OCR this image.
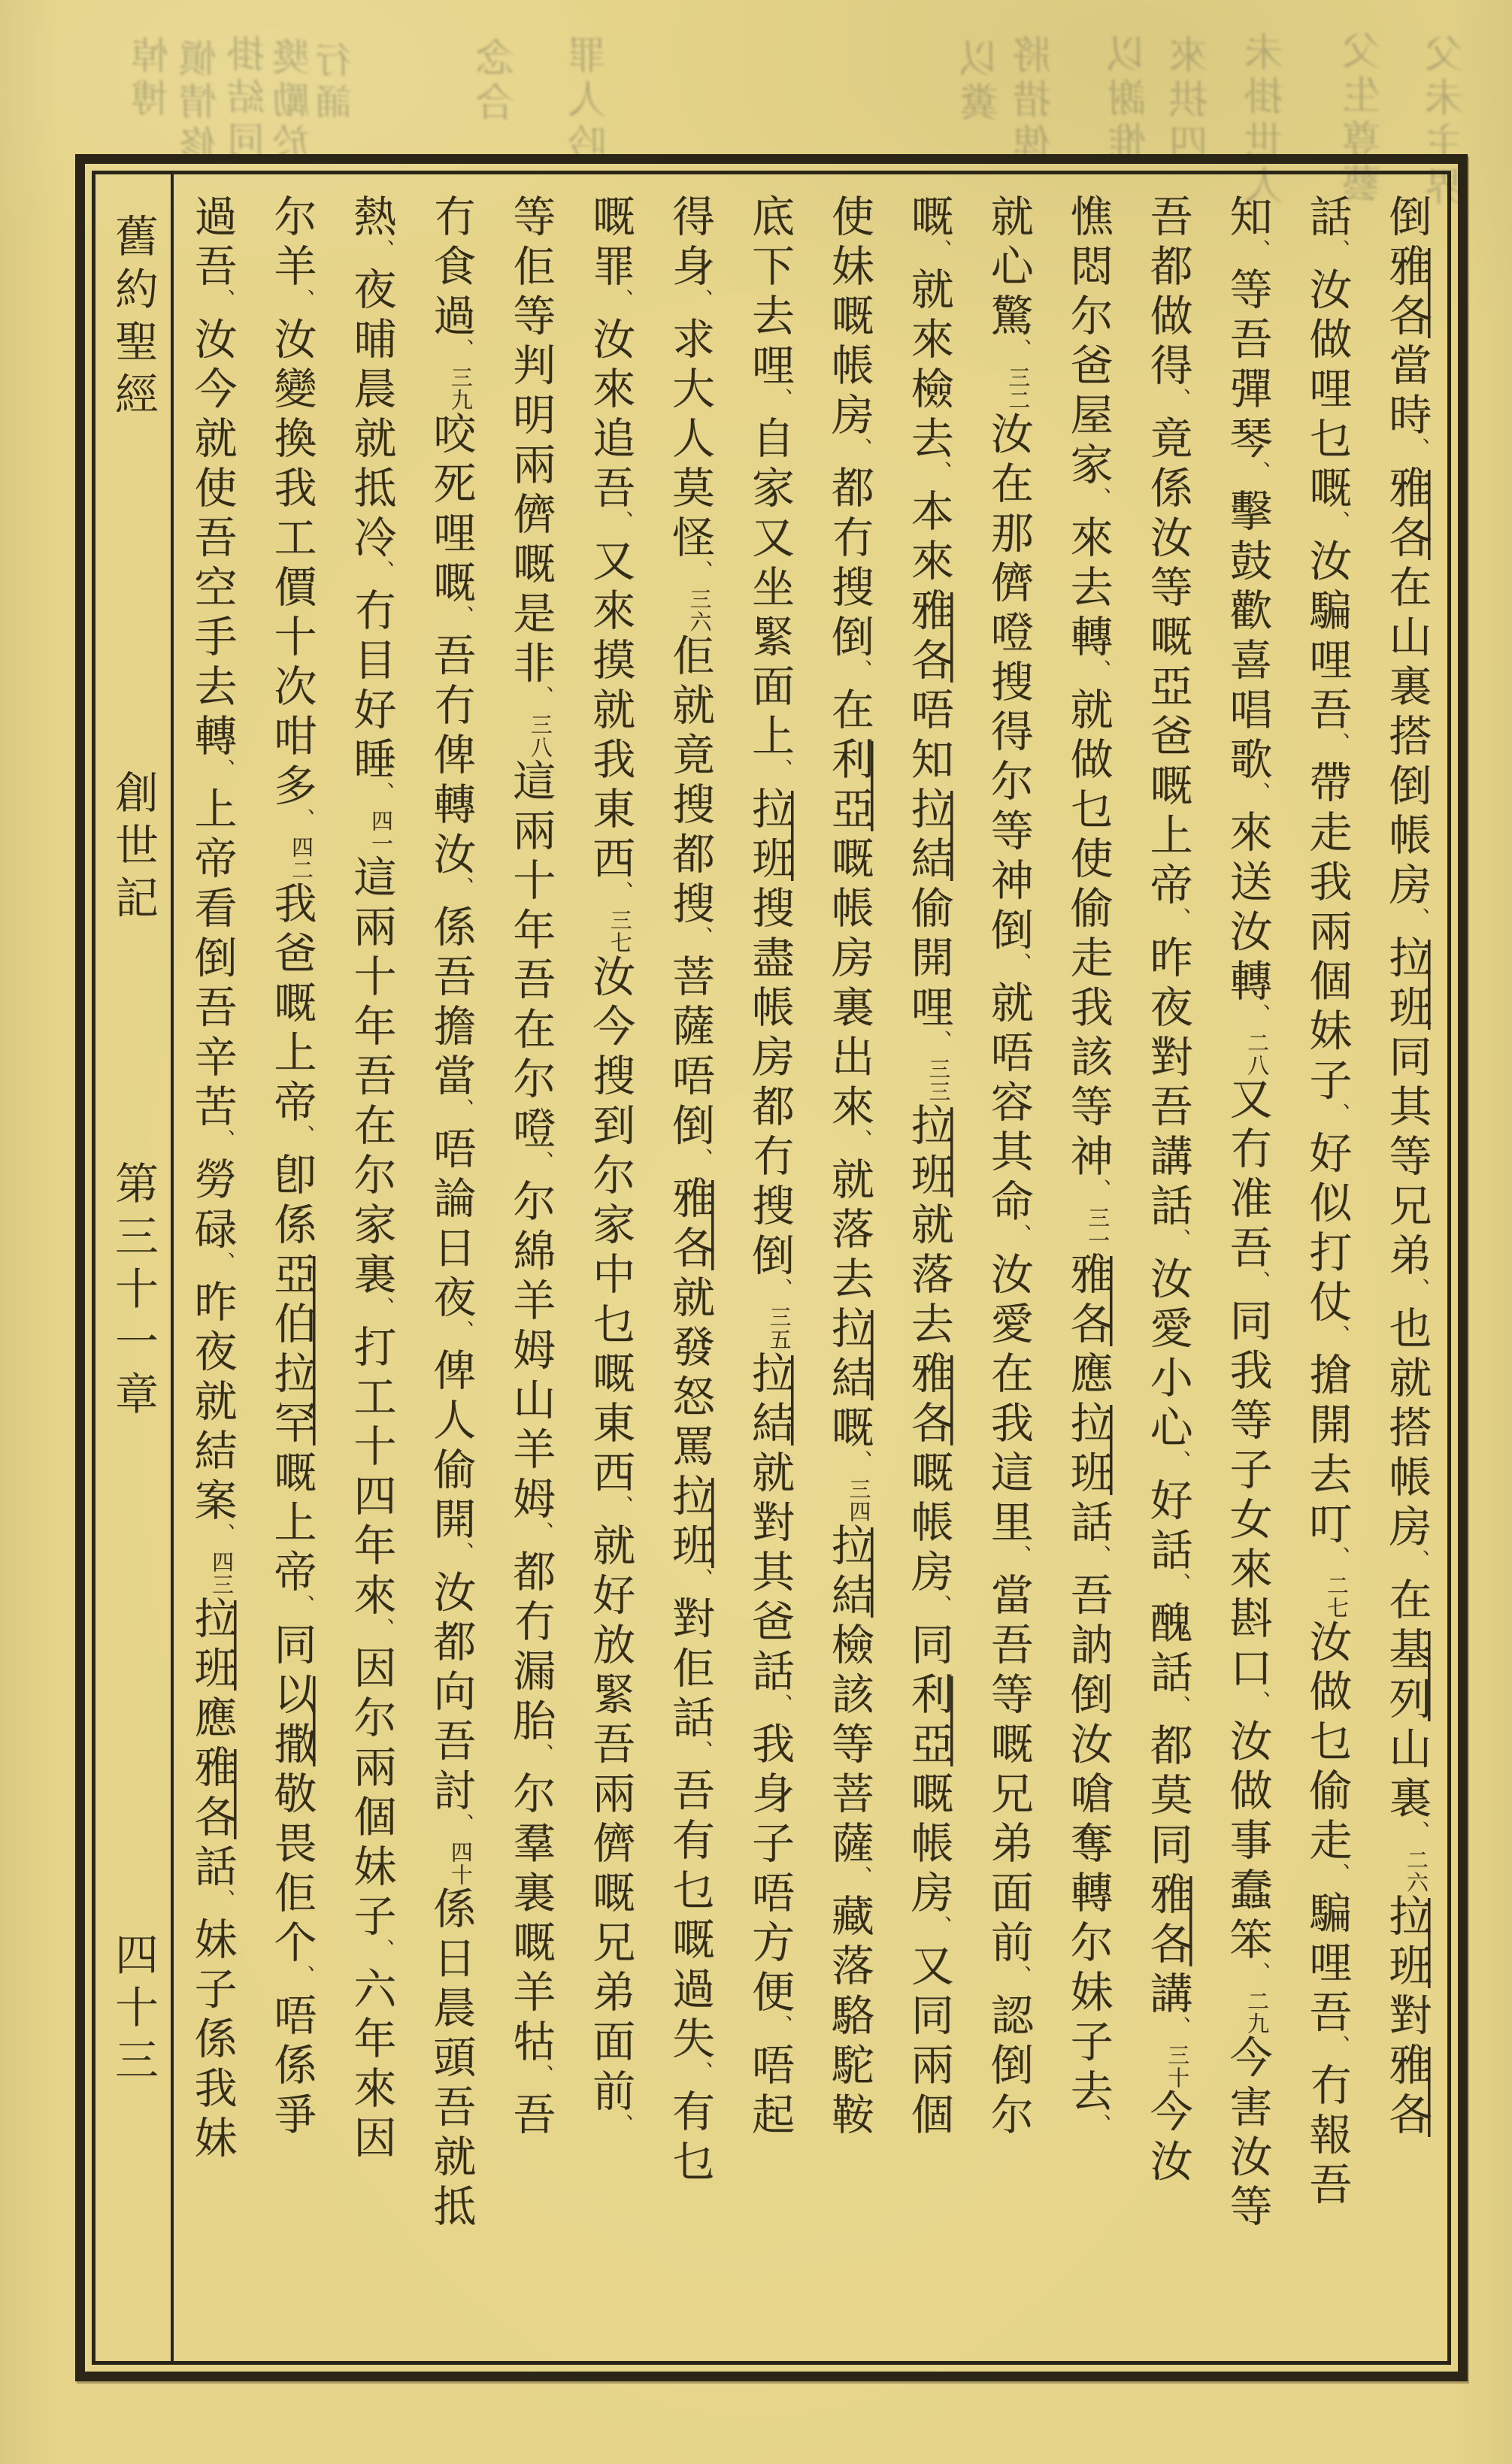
悼博 愼情修 掛結同 獎勵於 行誦	念合 罪人吟	以糞 將措俾 以謝惟 來拱四 未掛世人 父生尊藝 父未主界
舊約聖經
創世記
第三十一章
四十三
倒雅各當時、雅各在山裏搭倒帳房、拉班同其等兄弟、也就搭帳房、在基列山裏、二六拉班對雅各
話、汝做哩乜嘅、汝騙哩吾、帶走我兩個妹子、好似打仗、搶開去叮、二七汝做乜偷走、騙哩吾、冇報吾
知、等吾彈琴、擊鼓歡喜唱歌、來送汝轉、二八又冇准吾、同我等子女來斟口、汝做事蠢笨、二九今害汝等
吾都做得、竟係汝等嘅亞爸嘅上帝、昨夜對吾講話、汝愛小心、好話、醜話、都莫同雅各講、三十今汝
憔悶尔爸屋家、來去轉、就做乜使偷走我該等神、三一雅各應拉班話、吾訥倒汝嗆奪轉尔妹子去、
就心驚、三二汝在那儕噔搜得尔等神倒、就唔容其命、汝愛在我這里、當吾等嘅兄弟面前、認倒尔
嘅、就來檢去、本來雅各唔知拉結偷開哩、三三拉班就落去雅各嘅帳房、同利亞嘅帳房、又同兩個
使妹嘅帳房、都冇搜倒、在利亞嘅帳房裏出來、就落去拉結嘅、三四拉結檢該等菩薩、藏落駱駝鞍
底下去哩、自家又坐緊面上、拉班搜盡帳房都冇搜倒、三五拉結就對其爸話、我身子唔方便、唔起
得身、求大人莫怪、三六佢就竟搜都搜、菩薩唔倒、雅各就發怒罵拉班、對佢話、吾有乜嘅過失、有乜
嘅罪、汝來追吾、又來摸就我東西、三七汝今搜到尔家中乜嘅東西、就好放緊吾兩儕嘅兄弟面前、
等佢等判明兩儕嘅是非、三八這兩十年吾在尔噔、尔綿羊姆山羊姆、都冇漏胎、尔羣裏嘅羊牯、吾
冇食過、三九咬死哩嘅、吾冇俾轉汝、係吾擔當、唔論日夜、俾人偷開、汝都向吾討、四十係日晨頭吾就抵
熱、夜晡晨就抵冷、冇目好睡、四一這兩十年吾在尔家裏、打工十四年來、因尔兩個妹子、六年來因
尔羊、汝變換我工價十次咁多、四二我爸嘅上帝、卽係亞伯拉罕嘅上帝、同以撒敬畏佢个、唔係爭
過吾、汝今就使吾空手去轉、上帝看倒吾辛苦、勞碌、昨夜就結案、四三拉班應雅各話、妹子係我妹
